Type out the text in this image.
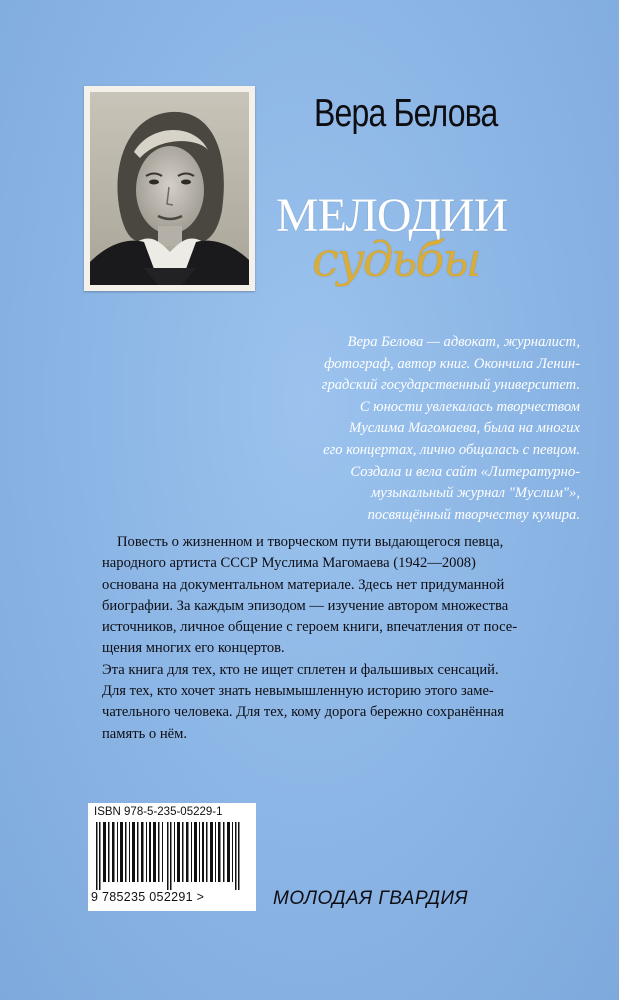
Вера Белова
МЕЛОДИИ
судьбы
Вера Белова — адвокат, журналист,
фотограф, автор книг. Окончила Ленин-
градский государственный университет.
С юности увлекалась творчеством
Муслима Магомаева, была на многих
его концертах, лично общалась с певцом.
Создала и вела сайт «Литературно-
музыкальный журнал "Муслим"»,
посвящённый творчеству кумира.
Повесть о жизненном и творческом пути выдающегося певца,
народного артиста СССР Муслима Магомаева (1942—2008)
основана на документальном материале. Здесь нет придуманной
биографии. За каждым эпизодом — изучение автором множества
источников, личное общение с героем книги, впечатления от посе-
щения многих его концертов.
Эта книга для тех, кто не ищет сплетен и фальшивых сенсаций.
Для тех, кто хочет знать невымышленную историю этого заме-
чательного человека. Для тех, кому дорога бережно сохранённая
память о нём.
ISBN 978-5-235-05229-1
9 785235 052291 >	МОЛОДАЯ ГВАРДИЯ
